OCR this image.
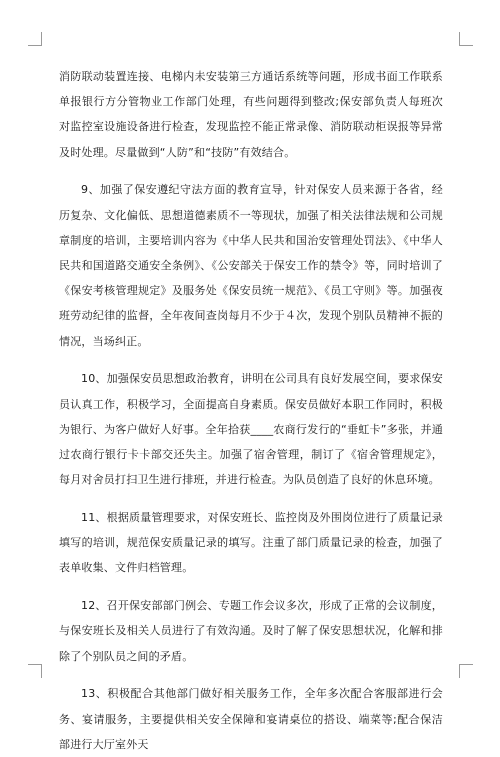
消防联动装置连接、电梯内未安装第三方通话系统等问题，形成书面工作联系单报银行方分管物业工作部门处理，有些问题得到整改;保安部负责人每班次对监控室设施设备进行检查，发现监控不能正常录像、消防联动柜误报等异常及时处理。尽量做到“人防”和“技防”有效结合。

9、加强了保安遵纪守法方面的教育宣导，针对保安人员来源于各省，经历复杂、文化偏低、思想道德素质不一等现状，加强了相关法律法规和公司规章制度的培训，主要培训内容为《中华人民共和国治安管理处罚法》、《中华人民共和国道路交通安全条例》、《公安部关于保安工作的禁令》等，同时培训了《保安考核管理规定》及服务处《保安员统一规范》、《员工守则》等。加强夜班劳动纪律的监督，全年夜间查岗每月不少于４次，发现个别队员精神不振的情况，当场纠正。

10、加强保安员思想政治教育，讲明在公司具有良好发展空间，要求保安员认真工作，积极学习，全面提高自身素质。保安员做好本职工作同时，积极为银行、为客户做好人好事。全年拾获____农商行发行的“垂虹卡”多张，并通过农商行银行卡卡部交还失主。加强了宿舍管理，制订了《宿舍管理规定》，每月对舍员打扫卫生进行排班，并进行检查。为队员创造了良好的休息环境。

11、根据质量管理要求，对保安班长、监控岗及外围岗位进行了质量记录填写的培训，规范保安质量记录的填写。注重了部门质量记录的检查，加强了表单收集、文件归档管理。

12、召开保安部部门例会、专题工作会议多次，形成了正常的会议制度，与保安班长及相关人员进行了有效沟通。及时了解了保安思想状况，化解和排除了个别队员之间的矛盾。

13、积极配合其他部门做好相关服务工作，全年多次配合客服部进行会务、宴请服务，主要提供相关安全保障和宴请桌位的搭设、端菜等;配合保洁部进行大厅室外天
